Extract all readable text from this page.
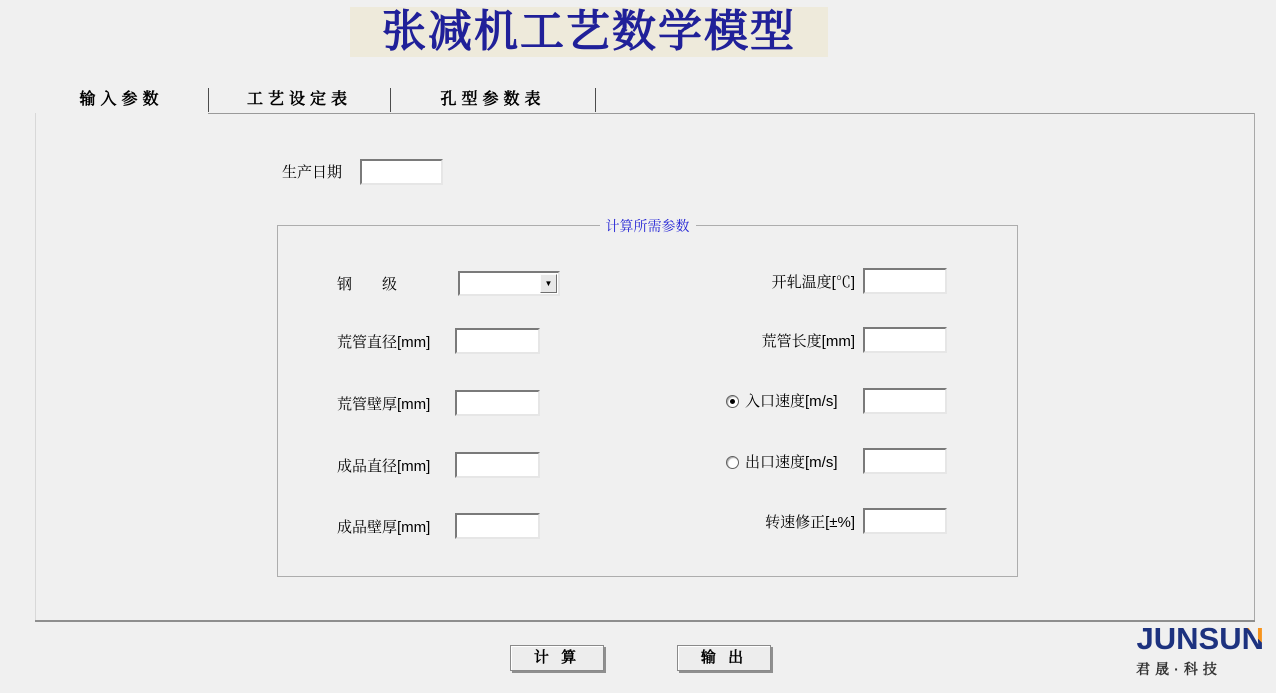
张减机工艺数学模型
输入参数	工艺设定表	孔型参数表
生产日期
计算所需参数
钢　　级	▼
荒管直径[mm]
荒管壁厚[mm]
成品直径[mm]
成品壁厚[mm]
开轧温度[℃]
荒管长度[mm]
入口速度[m/s]
出口速度[m/s]
转速修正[±%]
计 算	输 出
JUNSUN
君晟·科技
